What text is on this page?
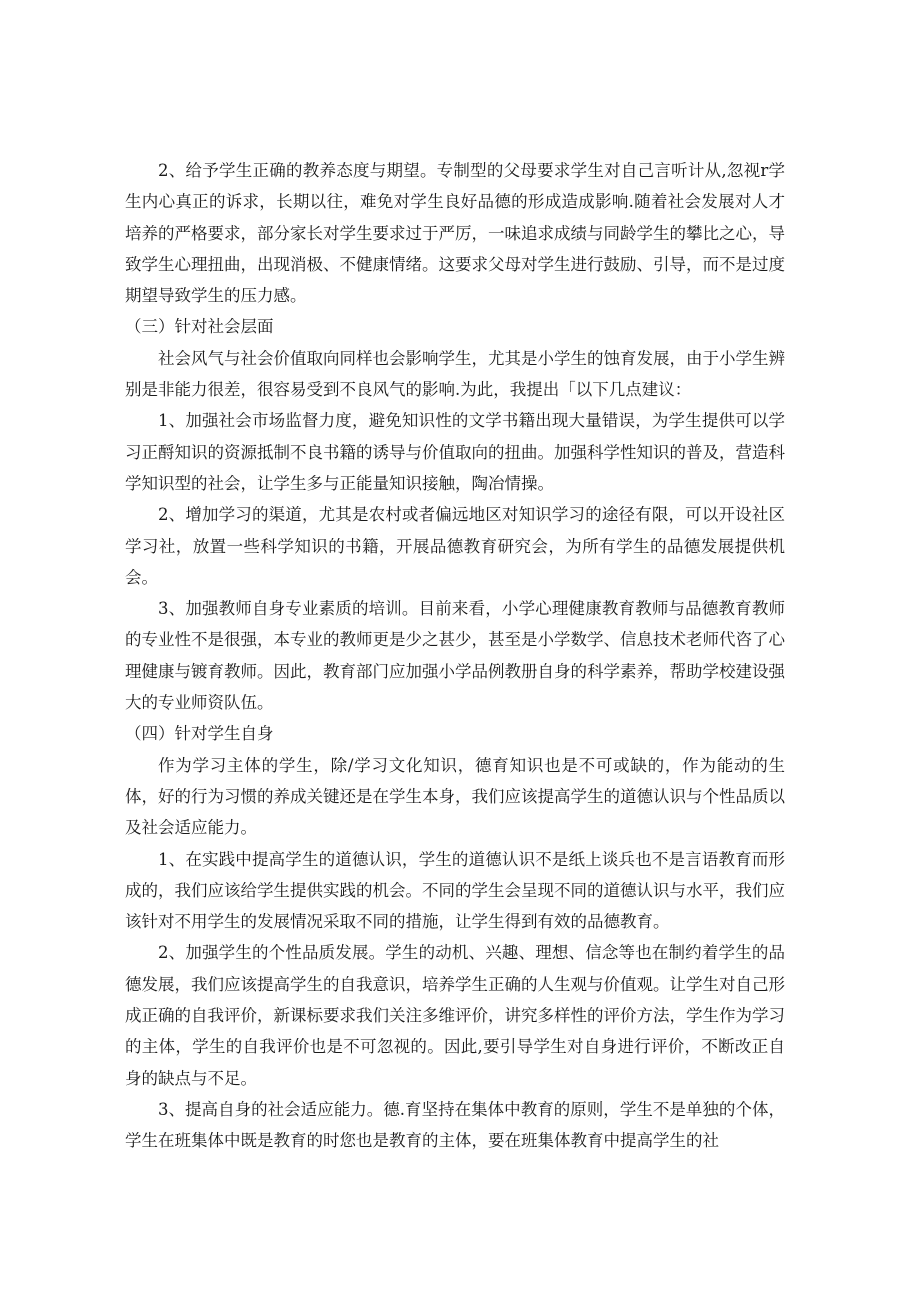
2、给予学生正确的教养态度与期望。专制型的父母要求学生对自己言听计从,忽视r学生内心真正的诉求，长期以往，难免对学生良好品德的形成造成影响.随着社会发展对人才培养的严格要求，部分家长对学生要求过于严厉，一味追求成绩与同龄学生的攀比之心，导致学生心理扭曲，出现消极、不健康情绪。这要求父母对学生进行鼓励、引导，而不是过度期望导致学生的压力感。

（三）针对社会层面

社会风气与社会价值取向同样也会影响学生，尤其是小学生的蚀育发展，由于小学生辨别是非能力很差，很容易受到不良风气的影响.为此，我提出「以下几点建议：

1、加强社会市场监督力度，避免知识性的文学书籍出现大量错误，为学生提供可以学习正酹知识的资源抵制不良书籍的诱导与价值取向的扭曲。加强科学性知识的普及，营造科学知识型的社会，让学生多与正能量知识接触，陶冶情操。

2、增加学习的渠道，尤其是农村或者偏远地区对知识学习的途径有限，可以开设社区学习社，放置一些科学知识的书籍，开展品德教育研究会，为所有学生的品德发展提供机会。

3、加强教师自身专业素质的培训。目前来看，小学心理健康教育教师与品德教育教师的专业性不是很强，本专业的教师更是少之甚少，甚至是小学数学、信息技术老师代咨了心理健康与镀育教师。因此，教育部门应加强小学品例教册自身的科学素养，帮助学校建设强大的专业师资队伍。

（四）针对学生自身

作为学习主体的学生，除/学习文化知识，德育知识也是不可或缺的，作为能动的生体，好的行为习惯的养成关键还是在学生本身，我们应该提高学生的道德认识与个性品质以及社会适应能力。

1、在实践中提高学生的道德认识，学生的道德认识不是纸上谈兵也不是言语教育而形成的，我们应该给学生提供实践的机会。不同的学生会呈现不同的道德认识与水平，我们应该针对不用学生的发展情况采取不同的措施，让学生得到有效的品德教育。

2、加强学生的个性品质发展。学生的动机、兴趣、理想、信念等也在制约着学生的品德发展，我们应该提高学生的自我意识，培养学生正确的人生观与价值观。让学生对自己形成正确的自我评价，新课标要求我们关注多维评价，讲究多样性的评价方法，学生作为学习的主体，学生的自我评价也是不可忽视的。因此,要引导学生对自身进行评价，不断改正自身的缺点与不足。

3、提高自身的社会适应能力。德.育坚持在集体中教育的原则，学生不是单独的个体，学生在班集体中既是教育的时您也是教育的主体，要在班集体教育中提高学生的社
